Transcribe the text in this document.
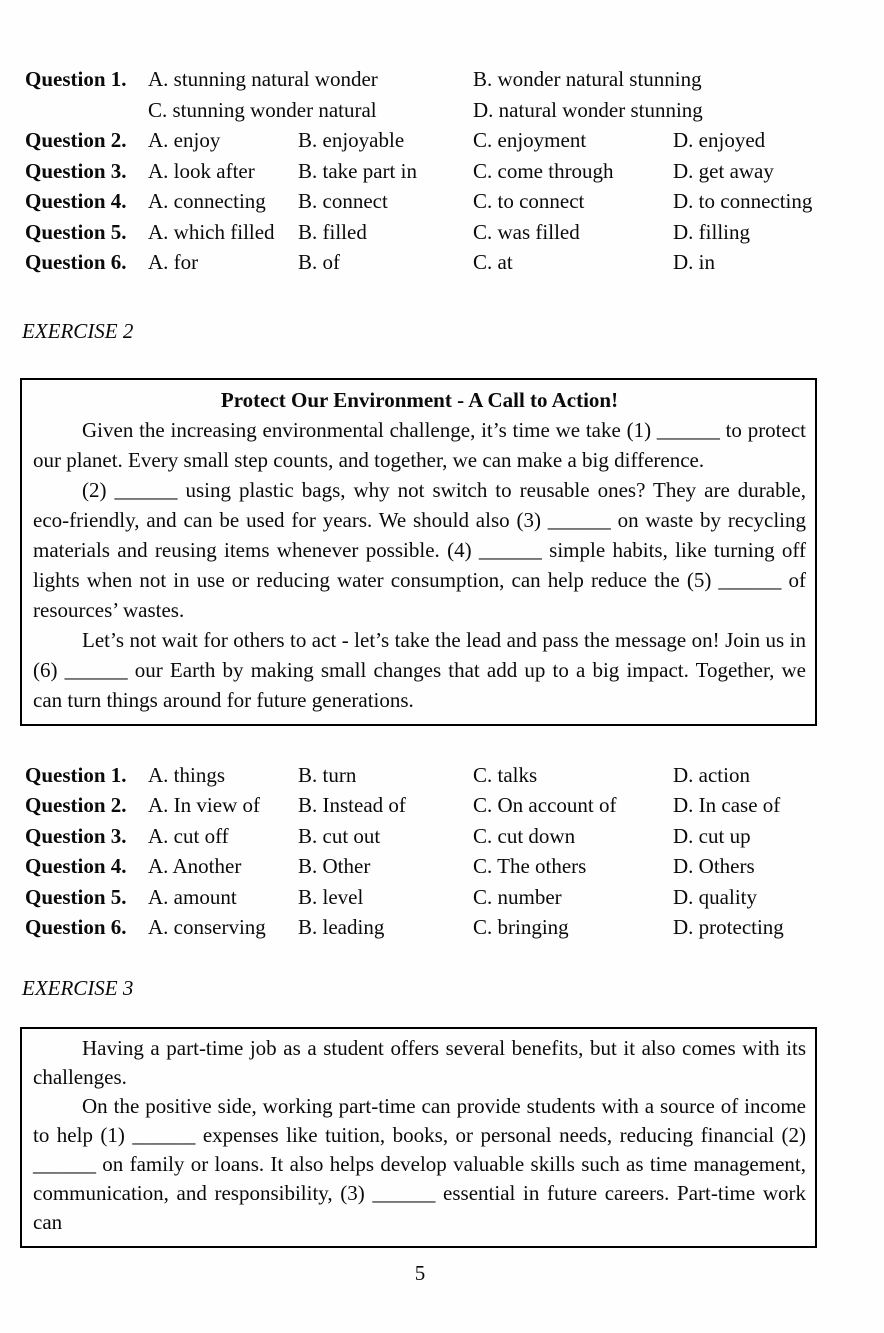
Question 1.	A. stunning natural wonder	B. wonder natural stunning
C. stunning wonder natural	D. natural wonder stunning
Question 2.	A. enjoy	B. enjoyable	C. enjoyment	D. enjoyed
Question 3.	A. look after	B. take part in	C. come through	D. get away
Question 4.	A. connecting	B. connect	C. to connect	D. to connecting
Question 5.	A. which filled	B. filled	C. was filled	D. filling
Question 6.	A. for	B. of	C. at	D. in
EXERCISE 2

Protect Our Environment - A Call to Action!

Given the increasing environmental challenge, it’s time we take (1) ______ to protect our planet. Every small step counts, and together, we can make a big difference.

(2) ______ using plastic bags, why not switch to reusable ones? They are durable, eco-friendly, and can be used for years. We should also (3) ______ on waste by recycling materials and reusing items whenever possible. (4) ______ simple habits, like turning off lights when not in use or reducing water consumption, can help reduce the (5) ______ of resources’ wastes.

Let’s not wait for others to act - let’s take the lead and pass the message on! Join us in (6) ______ our Earth by making small changes that add up to a big impact. Together, we can turn things around for future generations.

Question 1.	A. things	B. turn	C. talks	D. action
Question 2.	A. In view of	B. Instead of	C. On account of	D. In case of
Question 3.	A. cut off	B. cut out	C. cut down	D. cut up
Question 4.	A. Another	B. Other	C. The others	D. Others
Question 5.	A. amount	B. level	C. number	D. quality
Question 6.	A. conserving	B. leading	C. bringing	D. protecting
EXERCISE 3

Having a part-time job as a student offers several benefits, but it also comes with its challenges.

On the positive side, working part-time can provide students with a source of income to help (1) ______ expenses like tuition, books, or personal needs, reducing financial (2) ______ on family or loans. It also helps develop valuable skills such as time management, communication, and responsibility, (3) ______ essential in future careers. Part-time work can

5
